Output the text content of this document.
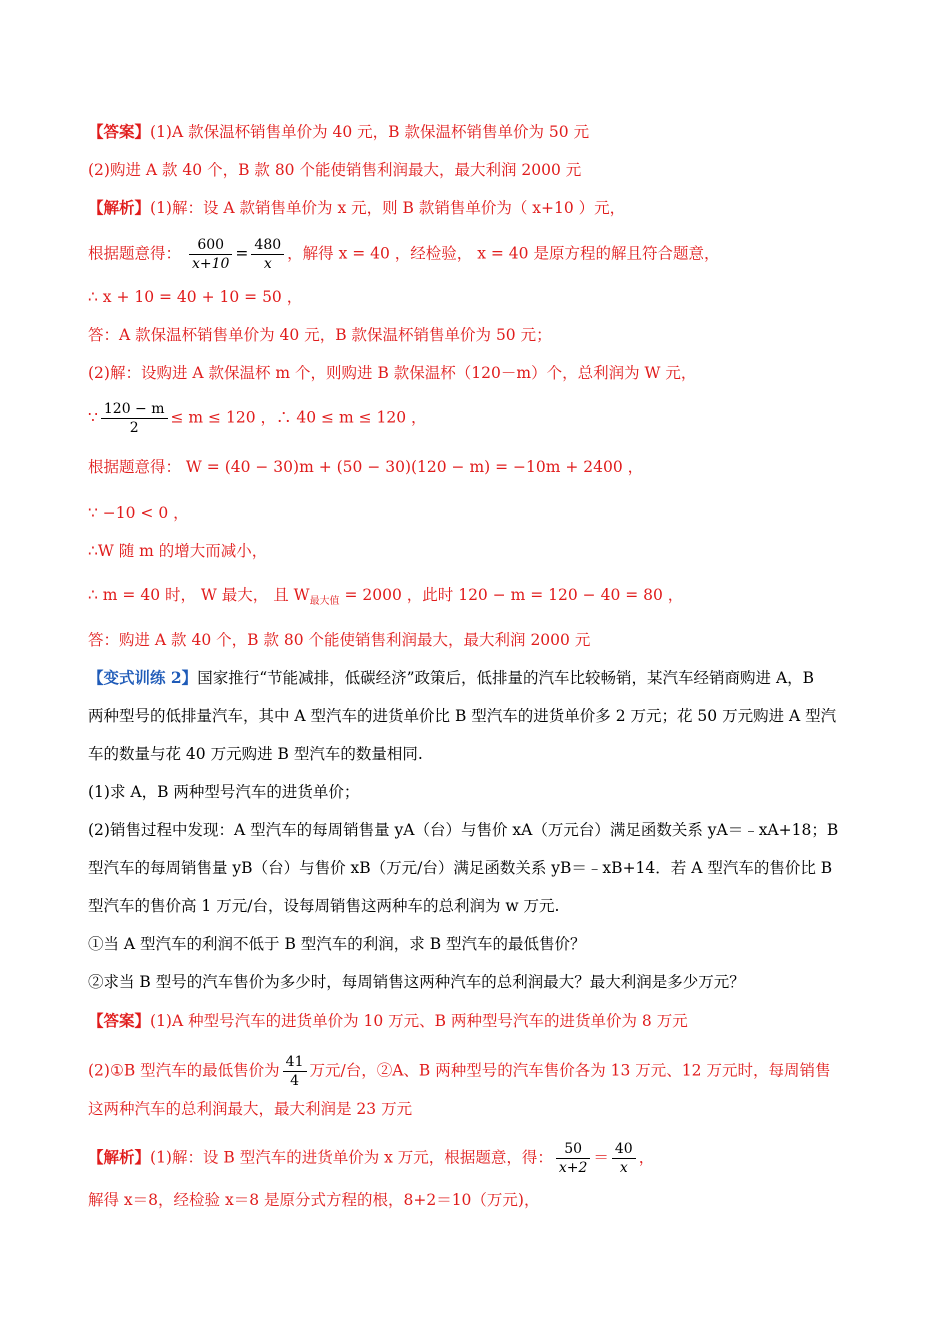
【答案】(1)A 款保温杯销售单价为 40 元，B 款保温杯销售单价为 50 元
(2)购进 A 款 40 个，B 款 80 个能使销售利润最大，最大利润 2000 元
【解析】(1)解：设 A 款销售单价为 x 元，则 B 款销售单价为（ x+10 ）元，
根据题意得： $\frac{600}{x+10} = \frac{480}{x}$ ，解得 x = 40 ，经检验， x = 40 是原方程的解且符合题意，
∴ x + 10 = 40 + 10 = 50 ，
答：A 款保温杯销售单价为 40 元，B 款保温杯销售单价为 50 元；
(2)解：设购进 A 款保温杯 m 个，则购进 B 款保温杯（120－m）个，总利润为 W 元，
∵ $\frac{120 - m}{2} \le m \le 120$ ，∴ 40 ≤ m ≤ 120 ，
根据题意得： W = (40 − 30)m + (50 − 30)(120 − m) = −10m + 2400 ，
∵ −10 < 0 ，
∴W 随 m 的增大而减小，
∴ m = 40 时， W 最大， 且 $W_{最大值} = 2000$ ，此时 120 − m = 120 − 40 = 80 ，
答：购进 A 款 40 个，B 款 80 个能使销售利润最大，最大利润 2000 元
【变式训练 2】国家推行“节能减排，低碳经济”政策后，低排量的汽车比较畅销，某汽车经销商购进 A，B
两种型号的低排量汽车，其中 A 型汽车的进货单价比 B 型汽车的进货单价多 2 万元；花 50 万元购进 A 型汽
车的数量与花 40 万元购进 B 型汽车的数量相同.
(1)求 A，B 两种型号汽车的进货单价；
(2)销售过程中发现：A 型汽车的每周销售量 yA（台）与售价 xA（万元台）满足函数关系 yA＝﹣xA+18；B
型汽车的每周销售量 yB（台）与售价 xB（万元/台）满足函数关系 yB＝﹣xB+14．若 A 型汽车的售价比 B
型汽车的售价高 1 万元/台，设每周销售这两种车的总利润为 w 万元.
①当 A 型汽车的利润不低于 B 型汽车的利润，求 B 型汽车的最低售价？
②求当 B 型号的汽车售价为多少时，每周销售这两种汽车的总利润最大？最大利润是多少万元？
【答案】(1)A 种型号汽车的进货单价为 10 万元、B 两种型号汽车的进货单价为 8 万元
(2)①B 型汽车的最低售价为 $\frac{41}{4}$ 万元/台，②A、B 两种型号的汽车售价各为 13 万元、12 万元时，每周销售
这两种汽车的总利润最大，最大利润是 23 万元
【解析】(1)解：设 B 型汽车的进货单价为 x 万元，根据题意，得： $\frac{50}{x+2} = \frac{40}{x}$ ，
解得 x＝8，经检验 x＝8 是原分式方程的根，8+2＝10（万元)，
